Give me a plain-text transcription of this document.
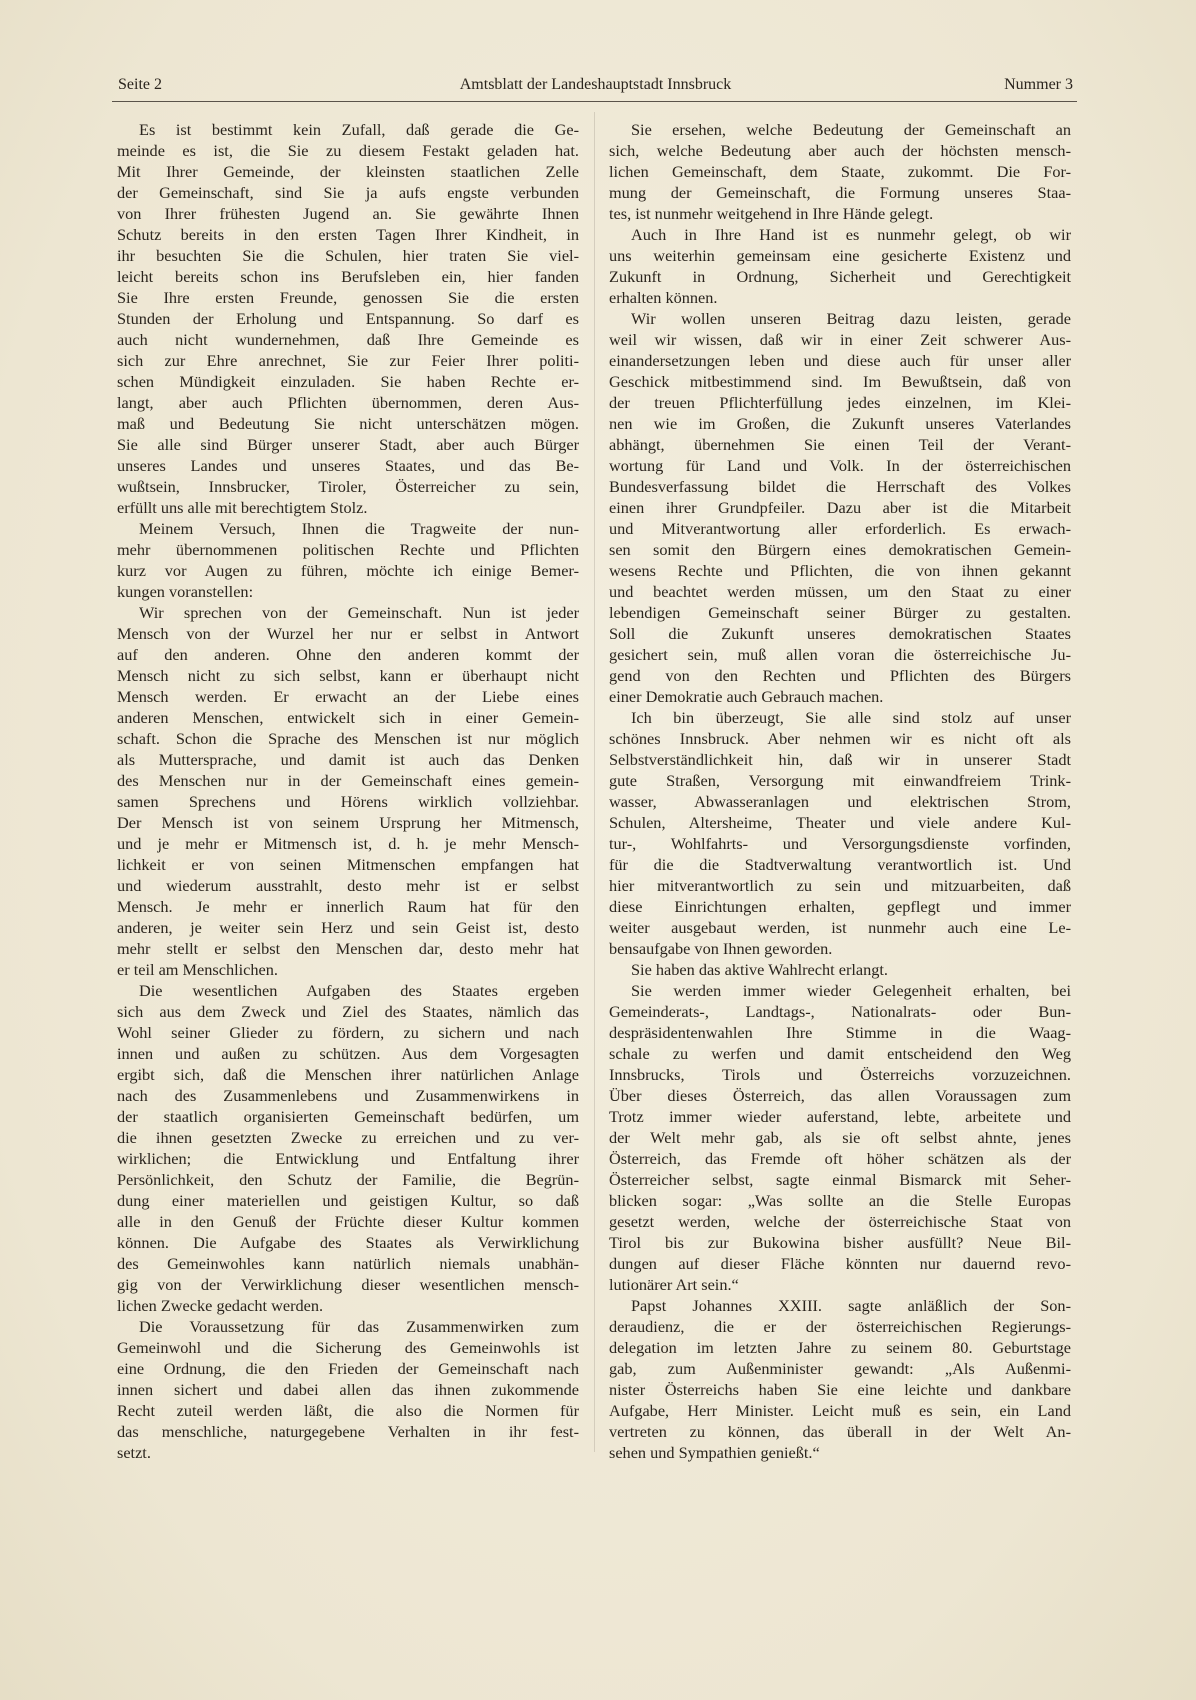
Seite 2	Amtsblatt der Landeshauptstadt Innsbruck	Nummer 3
Es ist bestimmt kein Zufall, daß gerade die Ge-
meinde es ist, die Sie zu diesem Festakt geladen hat.
Mit Ihrer Gemeinde, der kleinsten staatlichen Zelle
der Gemeinschaft, sind Sie ja aufs engste verbunden
von Ihrer frühesten Jugend an. Sie gewährte Ihnen
Schutz bereits in den ersten Tagen Ihrer Kindheit, in
ihr besuchten Sie die Schulen, hier traten Sie viel-
leicht bereits schon ins Berufsleben ein, hier fanden
Sie Ihre ersten Freunde, genossen Sie die ersten
Stunden der Erholung und Entspannung. So darf es
auch nicht wundernehmen, daß Ihre Gemeinde es
sich zur Ehre anrechnet, Sie zur Feier Ihrer politi-
schen Mündigkeit einzuladen. Sie haben Rechte er-
langt, aber auch Pflichten übernommen, deren Aus-
maß und Bedeutung Sie nicht unterschätzen mögen.
Sie alle sind Bürger unserer Stadt, aber auch Bürger
unseres Landes und unseres Staates, und das Be-
wußtsein, Innsbrucker, Tiroler, Österreicher zu sein,
erfüllt uns alle mit berechtigtem Stolz.
Meinem Versuch, Ihnen die Tragweite der nun-
mehr übernommenen politischen Rechte und Pflichten
kurz vor Augen zu führen, möchte ich einige Bemer-
kungen voranstellen:
Wir sprechen von der Gemeinschaft. Nun ist jeder
Mensch von der Wurzel her nur er selbst in Antwort
auf den anderen. Ohne den anderen kommt der
Mensch nicht zu sich selbst, kann er überhaupt nicht
Mensch werden. Er erwacht an der Liebe eines
anderen Menschen, entwickelt sich in einer Gemein-
schaft. Schon die Sprache des Menschen ist nur möglich
als Muttersprache, und damit ist auch das Denken
des Menschen nur in der Gemeinschaft eines gemein-
samen Sprechens und Hörens wirklich vollziehbar.
Der Mensch ist von seinem Ursprung her Mitmensch,
und je mehr er Mitmensch ist, d. h. je mehr Mensch-
lichkeit er von seinen Mitmenschen empfangen hat
und wiederum ausstrahlt, desto mehr ist er selbst
Mensch. Je mehr er innerlich Raum hat für den
anderen, je weiter sein Herz und sein Geist ist, desto
mehr stellt er selbst den Menschen dar, desto mehr hat
er teil am Menschlichen.
Die wesentlichen Aufgaben des Staates ergeben
sich aus dem Zweck und Ziel des Staates, nämlich das
Wohl seiner Glieder zu fördern, zu sichern und nach
innen und außen zu schützen. Aus dem Vorgesagten
ergibt sich, daß die Menschen ihrer natürlichen Anlage
nach des Zusammenlebens und Zusammenwirkens in
der staatlich organisierten Gemeinschaft bedürfen, um
die ihnen gesetzten Zwecke zu erreichen und zu ver-
wirklichen; die Entwicklung und Entfaltung ihrer
Persönlichkeit, den Schutz der Familie, die Begrün-
dung einer materiellen und geistigen Kultur, so daß
alle in den Genuß der Früchte dieser Kultur kommen
können. Die Aufgabe des Staates als Verwirklichung
des Gemeinwohles kann natürlich niemals unabhän-
gig von der Verwirklichung dieser wesentlichen mensch-
lichen Zwecke gedacht werden.
Die Voraussetzung für das Zusammenwirken zum
Gemeinwohl und die Sicherung des Gemeinwohls ist
eine Ordnung, die den Frieden der Gemeinschaft nach
innen sichert und dabei allen das ihnen zukommende
Recht zuteil werden läßt, die also die Normen für
das menschliche, naturgegebene Verhalten in ihr fest-
setzt.
Sie ersehen, welche Bedeutung der Gemeinschaft an
sich, welche Bedeutung aber auch der höchsten mensch-
lichen Gemeinschaft, dem Staate, zukommt. Die For-
mung der Gemeinschaft, die Formung unseres Staa-
tes, ist nunmehr weitgehend in Ihre Hände gelegt.
Auch in Ihre Hand ist es nunmehr gelegt, ob wir
uns weiterhin gemeinsam eine gesicherte Existenz und
Zukunft in Ordnung, Sicherheit und Gerechtigkeit
erhalten können.
Wir wollen unseren Beitrag dazu leisten, gerade
weil wir wissen, daß wir in einer Zeit schwerer Aus-
einandersetzungen leben und diese auch für unser aller
Geschick mitbestimmend sind. Im Bewußtsein, daß von
der treuen Pflichterfüllung jedes einzelnen, im Klei-
nen wie im Großen, die Zukunft unseres Vaterlandes
abhängt, übernehmen Sie einen Teil der Verant-
wortung für Land und Volk. In der österreichischen
Bundesverfassung bildet die Herrschaft des Volkes
einen ihrer Grundpfeiler. Dazu aber ist die Mitarbeit
und Mitverantwortung aller erforderlich. Es erwach-
sen somit den Bürgern eines demokratischen Gemein-
wesens Rechte und Pflichten, die von ihnen gekannt
und beachtet werden müssen, um den Staat zu einer
lebendigen Gemeinschaft seiner Bürger zu gestalten.
Soll die Zukunft unseres demokratischen Staates
gesichert sein, muß allen voran die österreichische Ju-
gend von den Rechten und Pflichten des Bürgers
einer Demokratie auch Gebrauch machen.
Ich bin überzeugt, Sie alle sind stolz auf unser
schönes Innsbruck. Aber nehmen wir es nicht oft als
Selbstverständlichkeit hin, daß wir in unserer Stadt
gute Straßen, Versorgung mit einwandfreiem Trink-
wasser, Abwasseranlagen und elektrischen Strom,
Schulen, Altersheime, Theater und viele andere Kul-
tur-, Wohlfahrts- und Versorgungsdienste vorfinden,
für die die Stadtverwaltung verantwortlich ist. Und
hier mitverantwortlich zu sein und mitzuarbeiten, daß
diese Einrichtungen erhalten, gepflegt und immer
weiter ausgebaut werden, ist nunmehr auch eine Le-
bensaufgabe von Ihnen geworden.
Sie haben das aktive Wahlrecht erlangt.
Sie werden immer wieder Gelegenheit erhalten, bei
Gemeinderats-, Landtags-, Nationalrats- oder Bun-
despräsidentenwahlen Ihre Stimme in die Waag-
schale zu werfen und damit entscheidend den Weg
Innsbrucks, Tirols und Österreichs vorzuzeichnen.
Über dieses Österreich, das allen Voraussagen zum
Trotz immer wieder auferstand, lebte, arbeitete und
der Welt mehr gab, als sie oft selbst ahnte, jenes
Österreich, das Fremde oft höher schätzen als der
Österreicher selbst, sagte einmal Bismarck mit Seher-
blicken sogar: „Was sollte an die Stelle Europas
gesetzt werden, welche der österreichische Staat von
Tirol bis zur Bukowina bisher ausfüllt? Neue Bil-
dungen auf dieser Fläche könnten nur dauernd revo-
lutionärer Art sein.“
Papst Johannes XXIII. sagte anläßlich der Son-
deraudienz, die er der österreichischen Regierungs-
delegation im letzten Jahre zu seinem 80. Geburtstage
gab, zum Außenminister gewandt: „Als Außenmi-
nister Österreichs haben Sie eine leichte und dankbare
Aufgabe, Herr Minister. Leicht muß es sein, ein Land
vertreten zu können, das überall in der Welt An-
sehen und Sympathien genießt.“
